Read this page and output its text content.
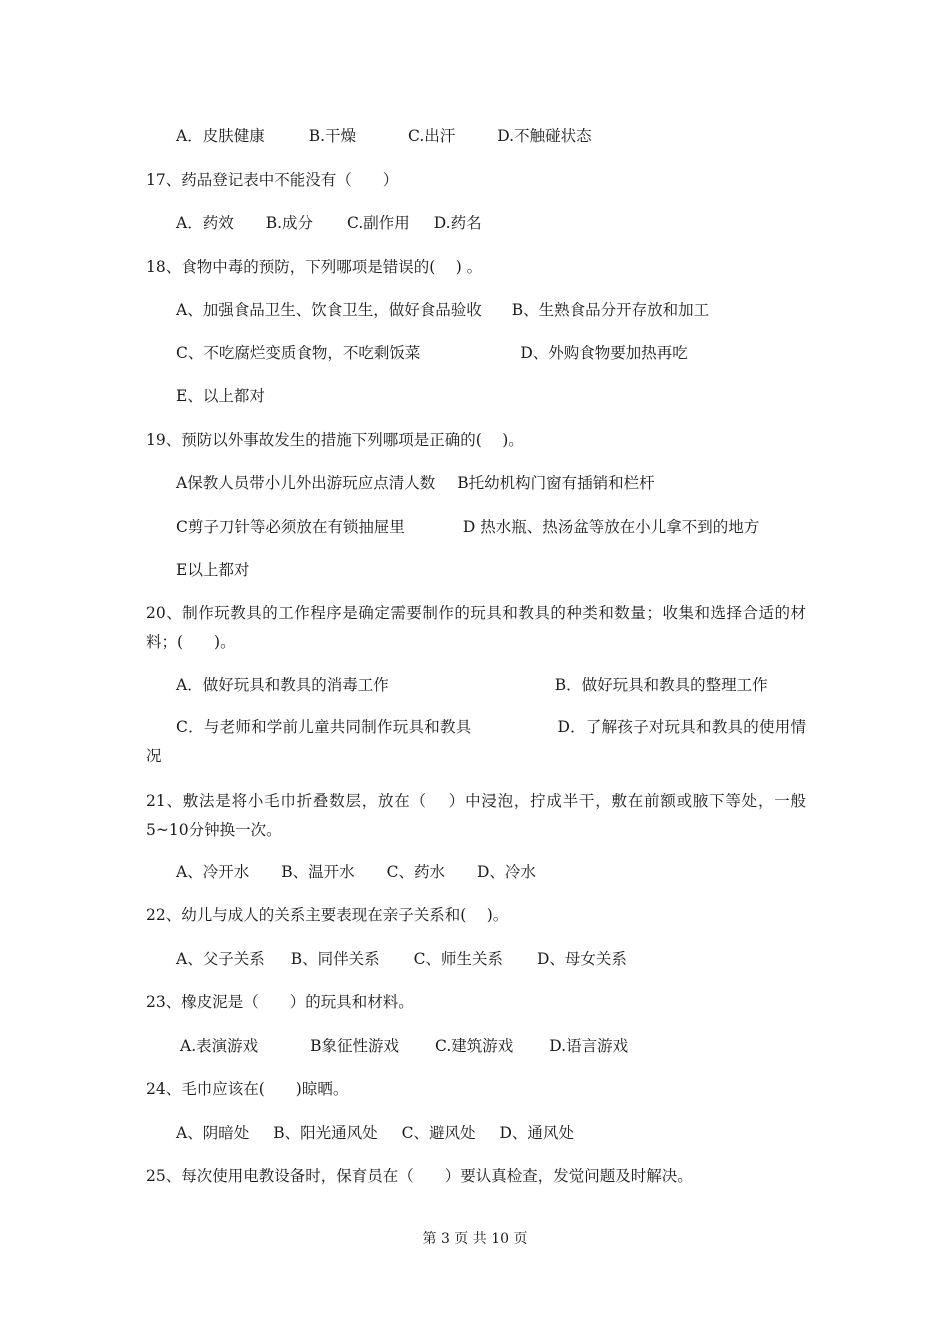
A．皮肤健康	B.干燥	C.出汗	D.不触碰状态
17、药品登记表中不能没有（　　）
A．药效 B.成分 C.副作用 D.药名
18、食物中毒的预防，下列哪项是错误的(　 ) 。
A、加强食品卫生、饮食卫生，做好食品验收 B、生熟食品分开存放和加工
C、不吃腐烂变质食物，不吃剩饭菜	D、外购食物要加热再吃
E、以上都对
19、预防以外事故发生的措施下列哪项是正确的(　 )。
A保教人员带小儿外出游玩应点清人数 B托幼机构门窗有插销和栏杆
C剪子刀针等必须放在有锁抽屉里	D 热水瓶、热汤盆等放在小儿拿不到的地方
E以上都对
20、制作玩教具的工作程序是确定需要制作的玩具和教具的种类和数量；收集和选择合适的材料；(　　)。
A．做好玩具和教具的消毒工作	B．做好玩具和教具的整理工作
C．与老师和学前儿童共同制作玩具和教具	D．了解孩子对玩具和教具的使用情况
21、敷法是将小毛巾折叠数层，放在（　 ）中浸泡，拧成半干，敷在前额或腋下等处，一般5~10分钟换一次。
A、冷开水 B、温开水 C、药水 D、冷水
22、幼儿与成人的关系主要表现在亲子关系和(　 )。
A、父子关系 B、同伴关系 C、师生关系 D、母女关系
23、橡皮泥是（　　）的玩具和材料。
A.表演游戏	B象征性游戏 C.建筑游戏 D.语言游戏
24、毛巾应该在(　　)晾晒。
A、阴暗处 B、阳光通风处 C、避风处 D、通风处
25、每次使用电教设备时，保育员在（　　）要认真检查，发觉问题及时解决。
第 3 页 共 10 页
